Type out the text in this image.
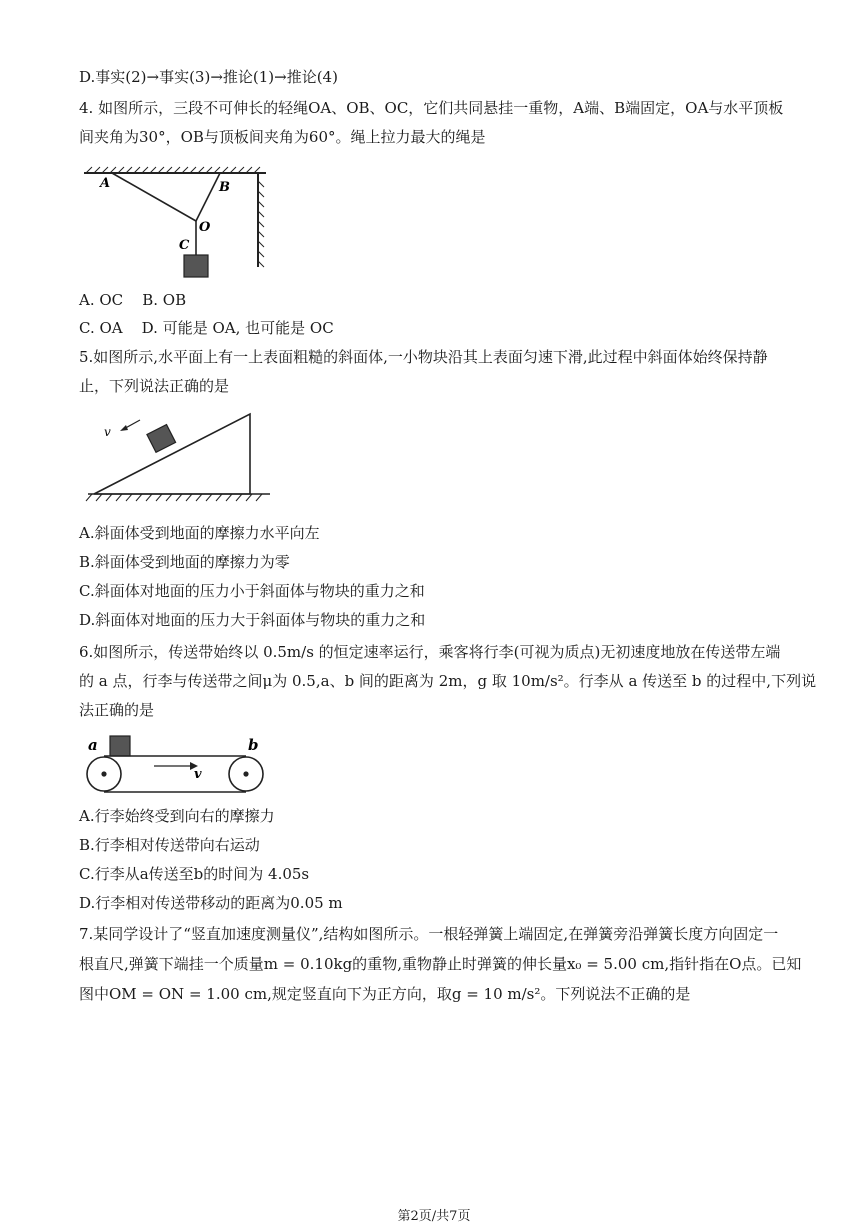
D.事实(2)→事实(3)→推论(1)→推论(4)
4. 如图所示，三段不可伸长的轻绳OA、OB、OC，它们共同悬挂一重物，A端、B端固定，OA与水平顶板
间夹角为30°，OB与顶板间夹角为60°。绳上拉力最大的绳是
A	B
O
C
A. OC    B. OB
C. OA    D. 可能是 OA, 也可能是 OC
5.如图所示,水平面上有一上表面粗糙的斜面体,一小物块沿其上表面匀速下滑,此过程中斜面体始终保持静
止，下列说法正确的是
v
A.斜面体受到地面的摩擦力水平向左
B.斜面体受到地面的摩擦力为零
C.斜面体对地面的压力小于斜面体与物块的重力之和
D.斜面体对地面的压力大于斜面体与物块的重力之和
6.如图所示，传送带始终以 0.5m/s 的恒定速率运行，乘客将行李(可视为质点)无初速度地放在传送带左端
的 a 点，行李与传送带之间μ为 0.5,a、b 间的距离为 2m，g 取 10m/s²。行李从 a 传送至 b 的过程中,下列说
法正确的是
v
a	b
A.行李始终受到向右的摩擦力
B.行李相对传送带向右运动
C.行李从a传送至b的时间为 4.05s
D.行李相对传送带移动的距离为0.05 m
7.某同学设计了“竖直加速度测量仪”,结构如图所示。一根轻弹簧上端固定,在弹簧旁沿弹簧长度方向固定一
根直尺,弹簧下端挂一个质量m = 0.10kg的重物,重物静止时弹簧的伸长量x₀ = 5.00 cm,指针指在O点。已知
图中OM = ON = 1.00 cm,规定竖直向下为正方向，取g = 10 m/s²。下列说法不正确的是
第2页/共7页
